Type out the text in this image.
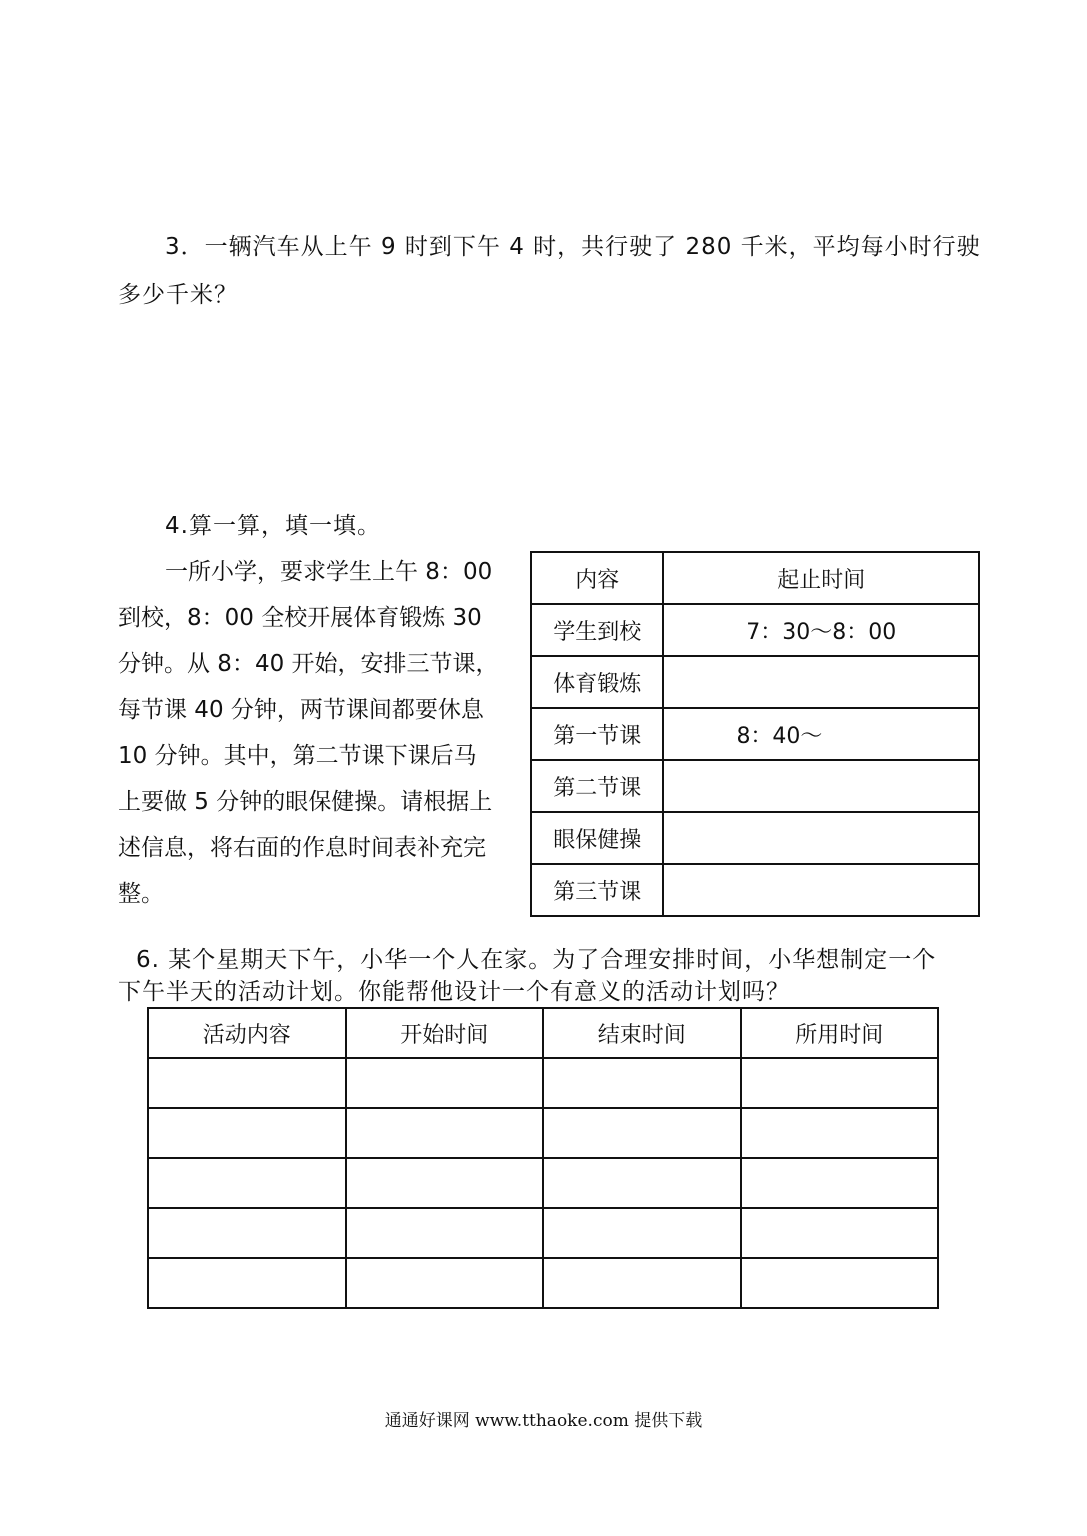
3．一辆汽车从上午 9 时到下午 4 时，共行驶了 280 千米，平均每小时行驶

多少千米？

4.算一算，填一填。

一所小学，要求学生上午 8：00
到校，8：00 全校开展体育锻炼 30
分钟。从 8：40 开始，安排三节课，
每节课 40 分钟，两节课间都要休息
10 分钟。其中，第二节课下课后马
上要做 5 分钟的眼保健操。请根据上
述信息，将右面的作息时间表补充完
整。
内容	起止时间
学生到校	7：30～8：00
体育锻炼	
第一节课	8：40～
第二节课	
眼保健操	
第三节课	

6. 某个星期天下午，小华一个人在家。为了合理安排时间，小华想制定一个

下午半天的活动计划。你能帮他设计一个有意义的活动计划吗？

活动内容	开始时间	结束时间	所用时间

通通好课网 www.tthaoke.com 提供下载
